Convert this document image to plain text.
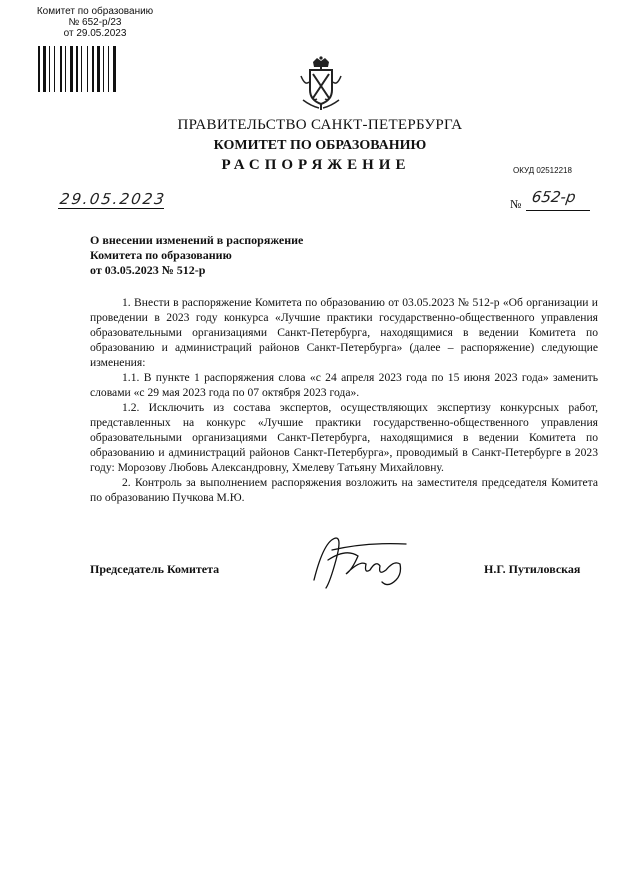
Комитет по образованию
№ 652-р/23
от 29.05.2023
ПРАВИТЕЛЬСТВО САНКТ-ПЕТЕРБУРГА
КОМИТЕТ ПО ОБРАЗОВАНИЮ
РАСПОРЯЖЕНИЕ	ОКУД 02512218
29.05.2023	№ 652-р
О внесении изменений в распоряжение
Комитета по образованию
от 03.05.2023 № 512-р

1. Внести в распоряжение Комитета по образованию от 03.05.2023 № 512-р «Об организации и проведении в 2023 году конкурса «Лучшие практики государственно-общественного управления образовательными организациями Санкт-Петербурга, находящимися в ведении Комитета по образованию и администраций районов Санкт-Петербурга» (далее – распоряжение) следующие изменения:

1.1. В пункте 1 распоряжения слова «с 24 апреля 2023 года по 15 июня 2023 года» заменить словами «с 29 мая 2023 года по 07 октября 2023 года».

1.2. Исключить из состава экспертов, осуществляющих экспертизу конкурсных работ, представленных на конкурс «Лучшие практики государственно-общественного управления образовательными организациями Санкт-Петербурга, находящимися в ведении Комитета по образованию и администраций районов Санкт-Петербурга», проводимый в Санкт-Петербурге в 2023 году: Морозову Любовь Александровну, Хмелеву Татьяну Михайловну.

2. Контроль за выполнением распоряжения возложить на заместителя председателя Комитета по образованию Пучкова М.Ю.

Председатель Комитета	Н.Г. Путиловская
